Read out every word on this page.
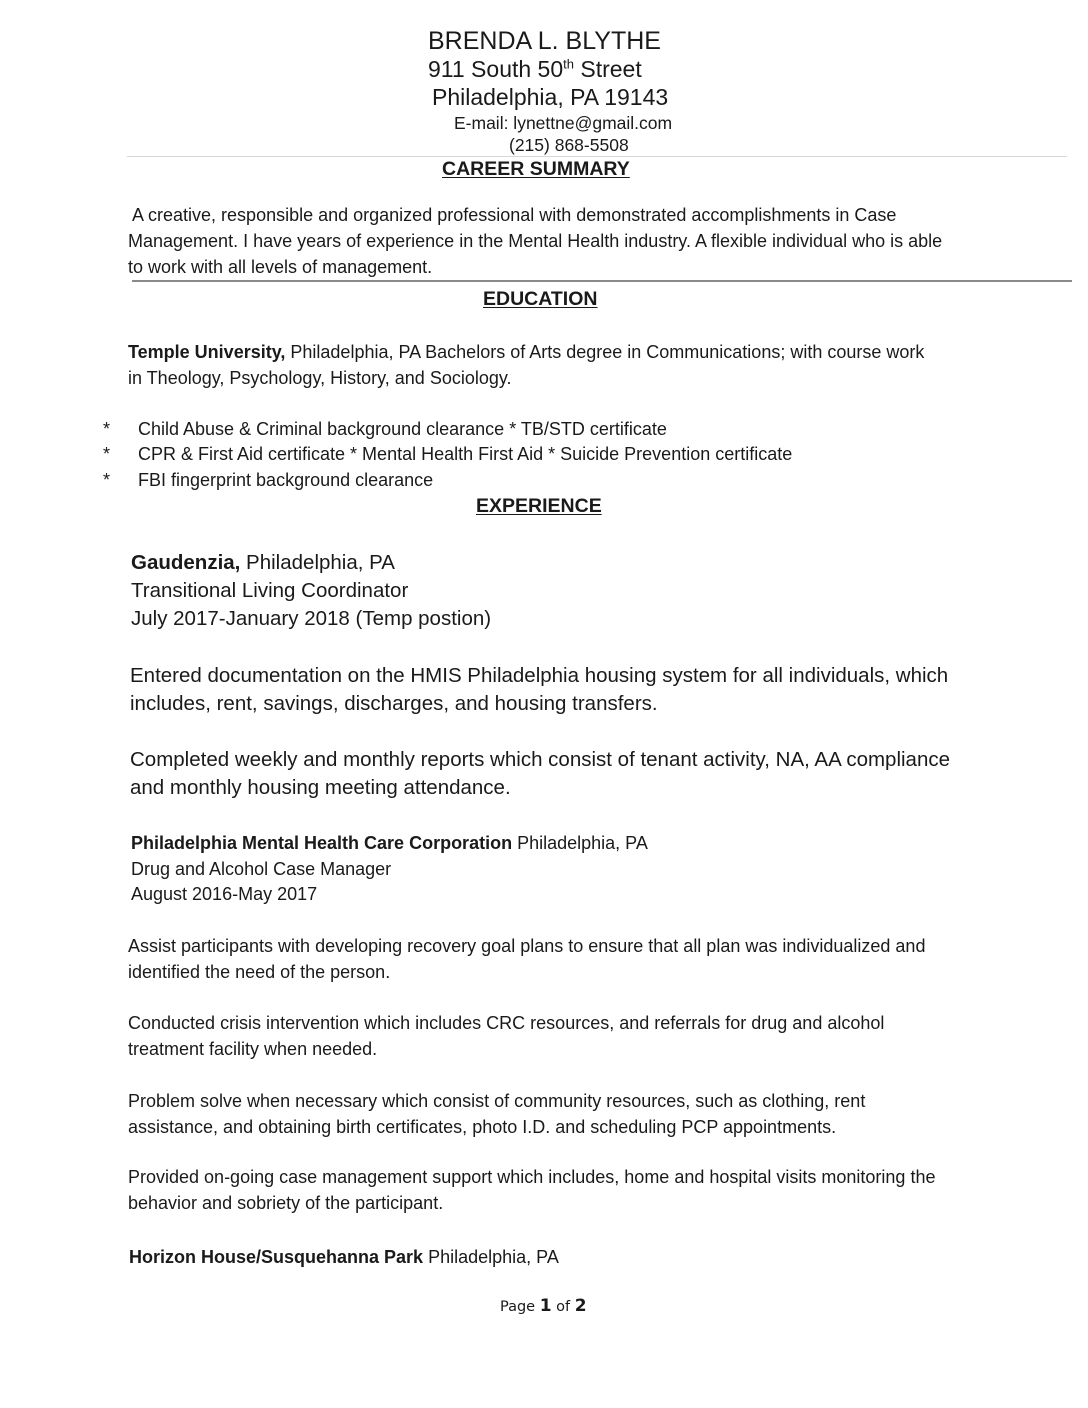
BRENDA L. BLYTHE
911 South 50th Street
Philadelphia, PA 19143
E-mail: lynettne@gmail.com
(215) 868-5508
CAREER SUMMARY
A creative, responsible and organized professional with demonstrated accomplishments in Case
Management. I have years of experience in the Mental Health industry. A flexible individual who is able
to work with all levels of management.
EDUCATION
Temple University, Philadelphia, PA Bachelors of Arts degree in Communications; with course work
in Theology, Psychology, History, and Sociology.
* Child Abuse & Criminal background clearance * TB/STD certificate
* CPR & First Aid certificate * Mental Health First Aid * Suicide Prevention certificate
* FBI fingerprint background clearance
EXPERIENCE
Gaudenzia, Philadelphia, PA
Transitional Living Coordinator
July 2017-January 2018 (Temp postion)
Entered documentation on the HMIS Philadelphia housing system for all individuals, which
includes, rent, savings, discharges, and housing transfers.
Completed weekly and monthly reports which consist of tenant activity, NA, AA compliance
and monthly housing meeting attendance.
Philadelphia Mental Health Care Corporation Philadelphia, PA
Drug and Alcohol Case Manager
August 2016-May 2017
Assist participants with developing recovery goal plans to ensure that all plan was individualized and
identified the need of the person.
Conducted crisis intervention which includes CRC resources, and referrals for drug and alcohol
treatment facility when needed.
Problem solve when necessary which consist of community resources, such as clothing, rent
assistance, and obtaining birth certificates, photo I.D. and scheduling PCP appointments.
Provided on-going case management support which includes, home and hospital visits monitoring the
behavior and sobriety of the participant.
Horizon House/Susquehanna Park Philadelphia, PA
Page 1 of 2
